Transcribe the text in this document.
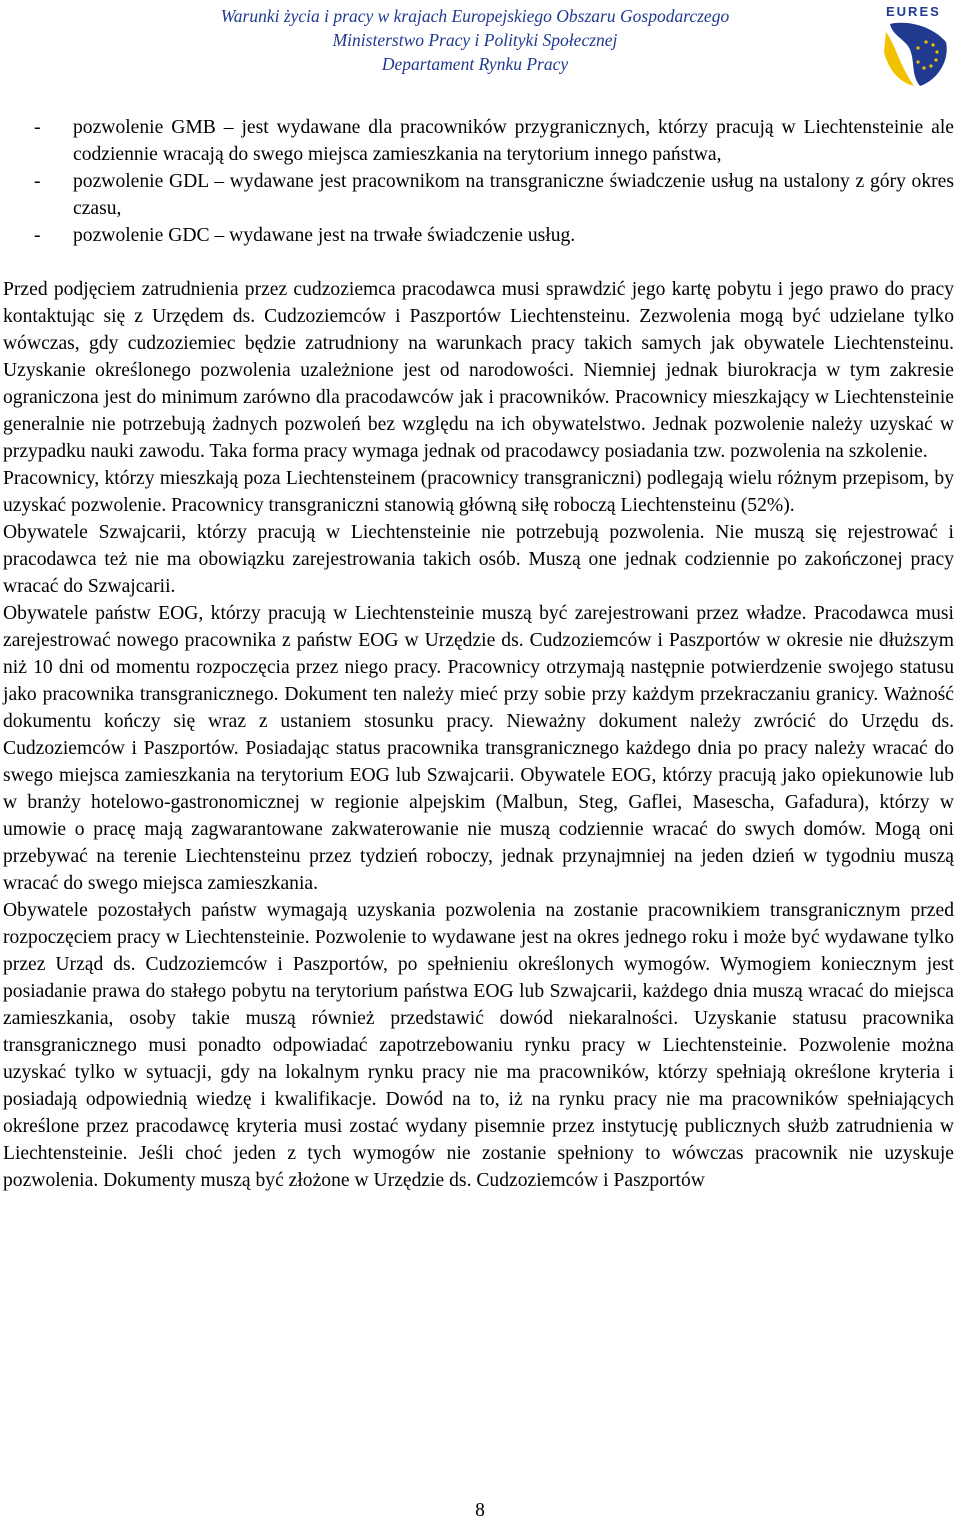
Warunki życia i pracy w krajach Europejskiego Obszaru Gospodarczego
Ministerstwo Pracy i Polityki Społecznej
Departament Rynku Pracy
EURES
- pozwolenie GMB – jest wydawane dla pracowników przygranicznych, którzy pracują w Liechtensteinie ale codziennie wracają do swego miejsca zamieszkania na terytorium innego państwa,
- pozwolenie GDL – wydawane jest pracownikom na transgraniczne świadczenie usług na ustalony z góry okres czasu,
- pozwolenie GDC – wydawane jest na trwałe świadczenie usług.

Przed podjęciem zatrudnienia przez cudzoziemca pracodawca musi sprawdzić jego kartę pobytu i jego prawo do pracy kontaktując się z Urzędem ds. Cudzoziemców i Paszportów Liechtensteinu. Zezwolenia mogą być udzielane tylko wówczas, gdy cudzoziemiec będzie zatrudniony na warunkach pracy takich samych jak obywatele Liechtensteinu. Uzyskanie określonego pozwolenia uzależnione jest od narodowości. Niemniej jednak biurokracja w tym zakresie ograniczona jest do minimum zarówno dla pracodawców jak i pracowników. Pracownicy mieszkający w Liechtensteinie generalnie nie potrzebują żadnych pozwoleń bez względu na ich obywatelstwo. Jednak pozwolenie należy uzyskać w przypadku nauki zawodu. Taka forma pracy wymaga jednak od pracodawcy posiadania tzw. pozwolenia na szkolenie.

Pracownicy, którzy mieszkają poza Liechtensteinem (pracownicy transgraniczni) podlegają wielu różnym przepisom, by uzyskać pozwolenie. Pracownicy transgraniczni stanowią główną siłę roboczą Liechtensteinu (52%).

Obywatele Szwajcarii, którzy pracują w Liechtensteinie nie potrzebują pozwolenia. Nie muszą się rejestrować i pracodawca też nie ma obowiązku zarejestrowania takich osób. Muszą one jednak codziennie po zakończonej pracy wracać do Szwajcarii.

Obywatele państw EOG, którzy pracują w Liechtensteinie muszą być zarejestrowani przez władze. Pracodawca musi zarejestrować nowego pracownika z państw EOG w Urzędzie ds. Cudzoziemców i Paszportów w okresie nie dłuższym niż 10 dni od momentu rozpoczęcia przez niego pracy. Pracownicy otrzymają następnie potwierdzenie swojego statusu jako pracownika transgranicznego. Dokument ten należy mieć przy sobie przy każdym przekraczaniu granicy. Ważność dokumentu kończy się wraz z ustaniem stosunku pracy. Nieważny dokument należy zwrócić do Urzędu ds. Cudzoziemców i Paszportów. Posiadając status pracownika transgranicznego każdego dnia po pracy należy wracać do swego miejsca zamieszkania na terytorium EOG lub Szwajcarii. Obywatele EOG, którzy pracują jako opiekunowie lub w branży hotelowo-gastronomicznej w regionie alpejskim (Malbun, Steg, Gaflei, Masescha, Gafadura), którzy w umowie o pracę mają zagwarantowane zakwaterowanie nie muszą codziennie wracać do swych domów. Mogą oni przebywać na terenie Liechtensteinu przez tydzień roboczy, jednak przynajmniej na jeden dzień w tygodniu muszą wracać do swego miejsca zamieszkania.

Obywatele pozostałych państw wymagają uzyskania pozwolenia na zostanie pracownikiem transgranicznym przed rozpoczęciem pracy w Liechtensteinie. Pozwolenie to wydawane jest na okres jednego roku i może być wydawane tylko przez Urząd ds. Cudzoziemców i Paszportów, po spełnieniu określonych wymogów. Wymogiem koniecznym jest posiadanie prawa do stałego pobytu na terytorium państwa EOG lub Szwajcarii, każdego dnia muszą wracać do miejsca zamieszkania, osoby takie muszą również przedstawić dowód niekaralności. Uzyskanie statusu pracownika transgranicznego musi ponadto odpowiadać zapotrzebowaniu rynku pracy w Liechtensteinie. Pozwolenie można uzyskać tylko w sytuacji, gdy na lokalnym rynku pracy nie ma pracowników, którzy spełniają określone kryteria i posiadają odpowiednią wiedzę i kwalifikacje. Dowód na to, iż na rynku pracy nie ma pracowników spełniających określone przez pracodawcę kryteria musi zostać wydany pisemnie przez instytucję publicznych służb zatrudnienia w Liechtensteinie. Jeśli choć jeden z tych wymogów nie zostanie spełniony to wówczas pracownik nie uzyskuje pozwolenia. Dokumenty muszą być złożone w Urzędzie ds. Cudzoziemców i Paszportów

8
